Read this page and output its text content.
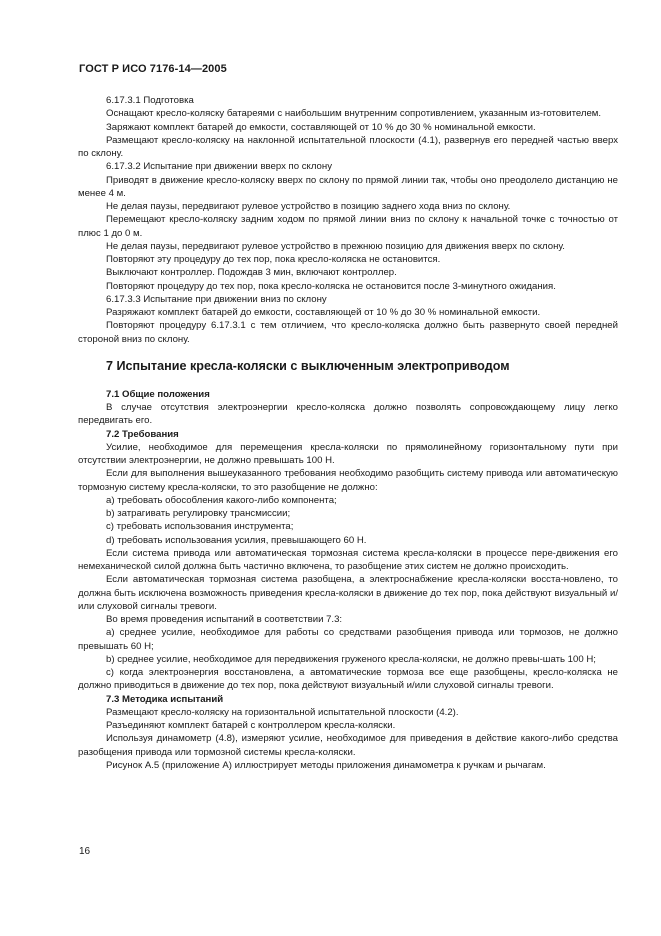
ГОСТ Р ИСО 7176-14—2005

6.17.3.1 Подготовка

Оснащают кресло-коляску батареями с наибольшим внутренним сопротивлением, указанным из-готовителем.

Заряжают комплект батарей до емкости, составляющей от 10 % до 30 % номинальной емкости.

Размещают кресло-коляску на наклонной испытательной плоскости (4.1), развернув его передней частью вверх по склону.

6.17.3.2 Испытание при движении вверх по склону

Приводят в движение кресло-коляску вверх по склону по прямой линии так, чтобы оно преодолело дистанцию не менее 4 м.

Не делая паузы, передвигают рулевое устройство в позицию заднего хода вниз по склону.

Перемещают кресло-коляску задним ходом по прямой линии вниз по склону к начальной точке с точностью от плюс 1 до 0 м.

Не делая паузы, передвигают рулевое устройство в прежнюю позицию для движения вверх по склону.

Повторяют эту процедуру до тех пор, пока кресло-коляска не остановится.

Выключают контроллер. Подождав 3 мин, включают контроллер.

Повторяют процедуру до тех пор, пока кресло-коляска не остановится после 3-минутного ожидания.

6.17.3.3 Испытание при движении вниз по склону

Разряжают комплект батарей до емкости, составляющей от 10 % до 30 % номинальной емкости.

Повторяют процедуру 6.17.3.1 с тем отличием, что кресло-коляска должно быть развернуто своей передней стороной вниз по склону.

7 Испытание кресла-коляски с выключенным электроприводом

7.1 Общие положения

В случае отсутствия электроэнергии кресло-коляска должно позволять сопровождающему лицу легко передвигать его.

7.2 Требования

Усилие, необходимое для перемещения кресла-коляски по прямолинейному горизонтальному пути при отсутствии электроэнергии, не должно превышать 100 Н.

Если для выполнения вышеуказанного требования необходимо разобщить систему привода или автоматическую тормозную систему кресла-коляски, то это разобщение не должно:

а) требовать обособления какого-либо компонента;

b) затрагивать регулировку трансмиссии;

с) требовать использования инструмента;

d) требовать использования усилия, превышающего 60 Н.

Если система привода или автоматическая тормозная система кресла-коляски в процессе пере-движения его немеханической силой должна быть частично включена, то разобщение этих систем не должно происходить.

Если автоматическая тормозная система разобщена, а электроснабжение кресла-коляски восста-новлено, то должна быть исключена возможность приведения кресла-коляски в движение до тех пор, пока действуют визуальный и/или слуховой сигналы тревоги.

Во время проведения испытаний в соответствии 7.3:

а) среднее усилие, необходимое для работы со средствами разобщения привода или тормозов, не должно превышать 60 Н;

b) среднее усилие, необходимое для передвижения груженого кресла-коляски, не должно превы-шать 100 Н;

с) когда электроэнергия восстановлена, а автоматические тормоза все еще разобщены, кресло-коляска не должно приводиться в движение до тех пор, пока действуют визуальный и/или слуховой сигналы тревоги.

7.3 Методика испытаний

Размещают кресло-коляску на горизонтальной испытательной плоскости (4.2).

Разъединяют комплект батарей с контроллером кресла-коляски.

Используя динамометр (4.8), измеряют усилие, необходимое для приведения в действие какого-либо средства разобщения привода или тормозной системы кресла-коляски.

Рисунок А.5 (приложение А) иллюстрирует методы приложения динамометра к ручкам и рычагам.

16
